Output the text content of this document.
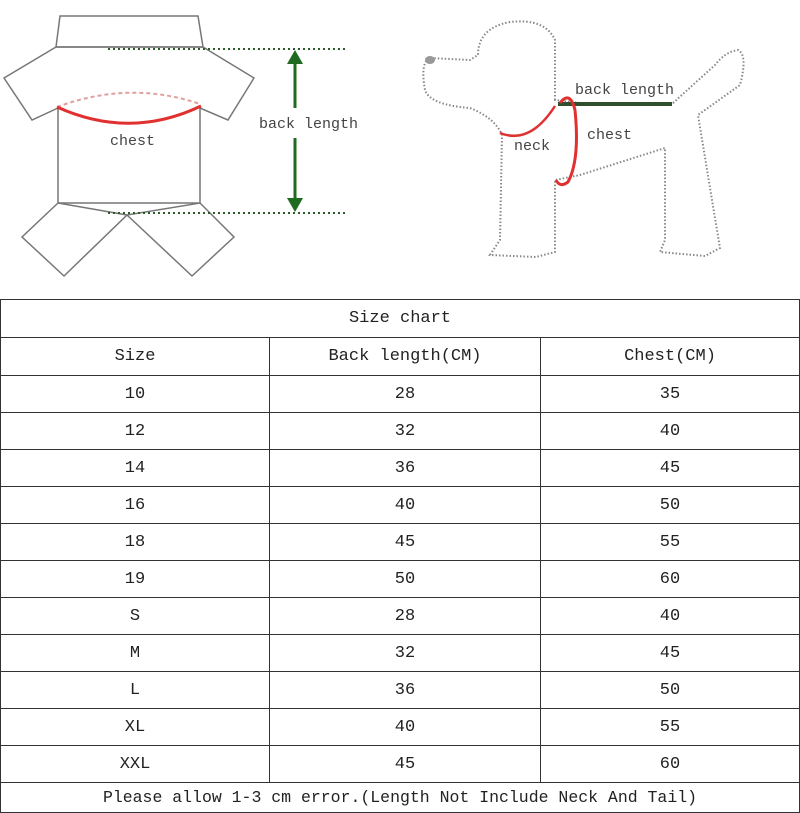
chest
back length
back length
chest
neck
Size chart		
Size	Back length(CM)	Chest(CM)
10	28	35
12	32	40
14	36	45
16	40	50
18	45	55
19	50	60
S	28	40
M	32	45
L	36	50
XL	40	55
XXL	45	60
Please allow 1-3 cm error.(Length Not Include Neck And Tail)		
